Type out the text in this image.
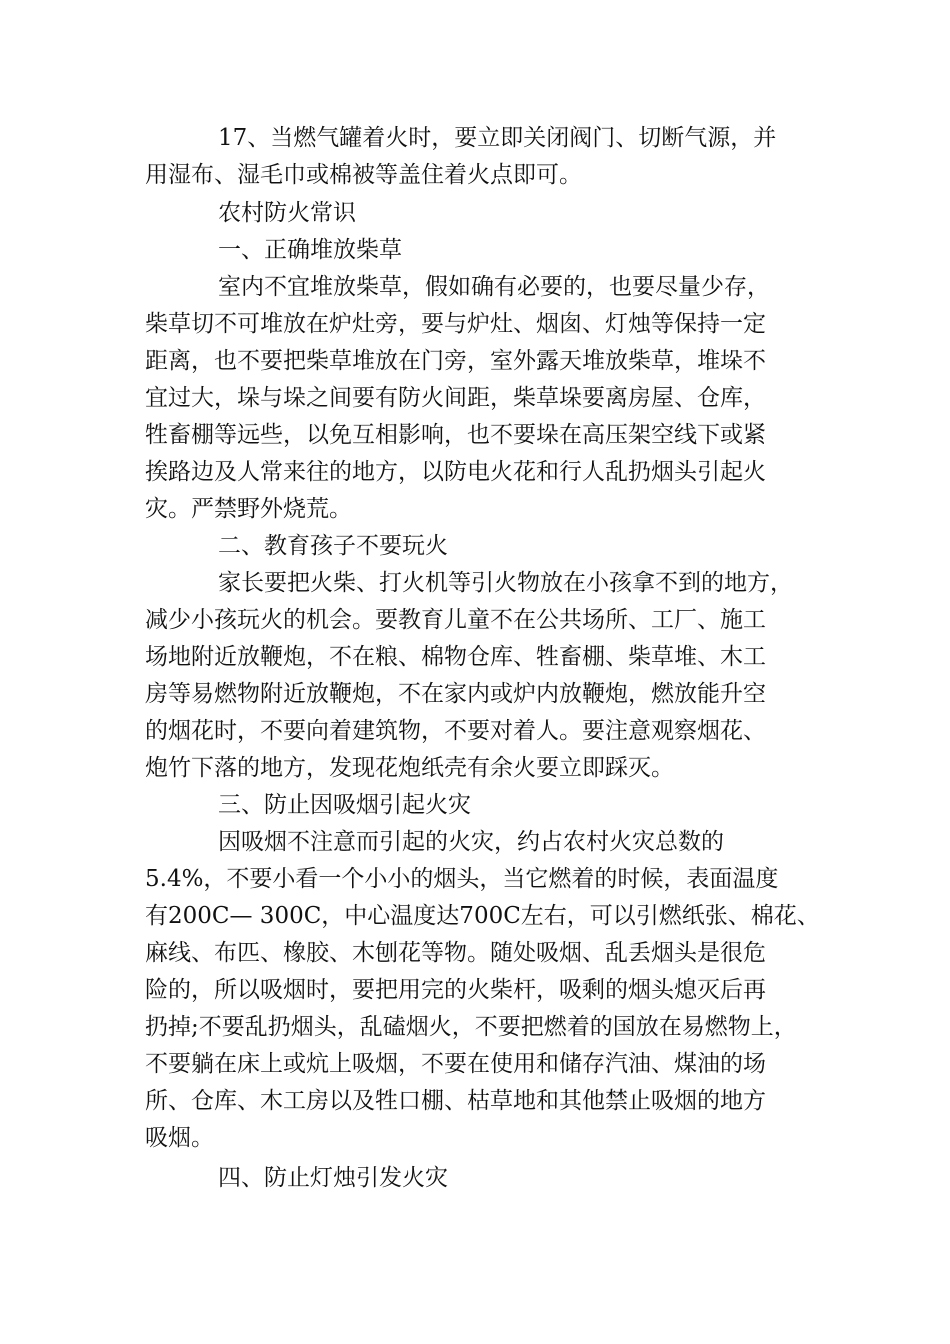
17、当燃气罐着火时，要立即关闭阀门、切断气源，并
用湿布、湿毛巾或棉被等盖住着火点即可。
农村防火常识
一、正确堆放柴草
室内不宜堆放柴草，假如确有必要的，也要尽量少存，
柴草切不可堆放在炉灶旁，要与炉灶、烟囱、灯烛等保持一定
距离，也不要把柴草堆放在门旁，室外露天堆放柴草，堆垛不
宜过大，垛与垛之间要有防火间距，柴草垛要离房屋、仓库，
牲畜棚等远些，以免互相影响，也不要垛在高压架空线下或紧
挨路边及人常来往的地方，以防电火花和行人乱扔烟头引起火
灾。严禁野外烧荒。
二、教育孩子不要玩火
家长要把火柴、打火机等引火物放在小孩拿不到的地方，
减少小孩玩火的机会。要教育儿童不在公共场所、工厂、施工
场地附近放鞭炮，不在粮、棉物仓库、牲畜棚、柴草堆、木工
房等易燃物附近放鞭炮，不在家内或炉内放鞭炮，燃放能升空
的烟花时，不要向着建筑物，不要对着人。要注意观察烟花、
炮竹下落的地方，发现花炮纸壳有余火要立即踩灭。
三、防止因吸烟引起火灾
因吸烟不注意而引起的火灾，约占农村火灾总数的
5.4%，不要小看一个小小的烟头，当它燃着的时候，表面温度
有200C— 300C，中心温度达700C左右，可以引燃纸张、棉花、
麻线、布匹、橡胶、木刨花等物。随处吸烟、乱丢烟头是很危
险的，所以吸烟时，要把用完的火柴杆，吸剩的烟头熄灭后再
扔掉;不要乱扔烟头，乱磕烟火，不要把燃着的国放在易燃物上，
不要躺在床上或炕上吸烟，不要在使用和储存汽油、煤油的场
所、仓库、木工房以及牲口棚、枯草地和其他禁止吸烟的地方
吸烟。
四、防止灯烛引发火灾
